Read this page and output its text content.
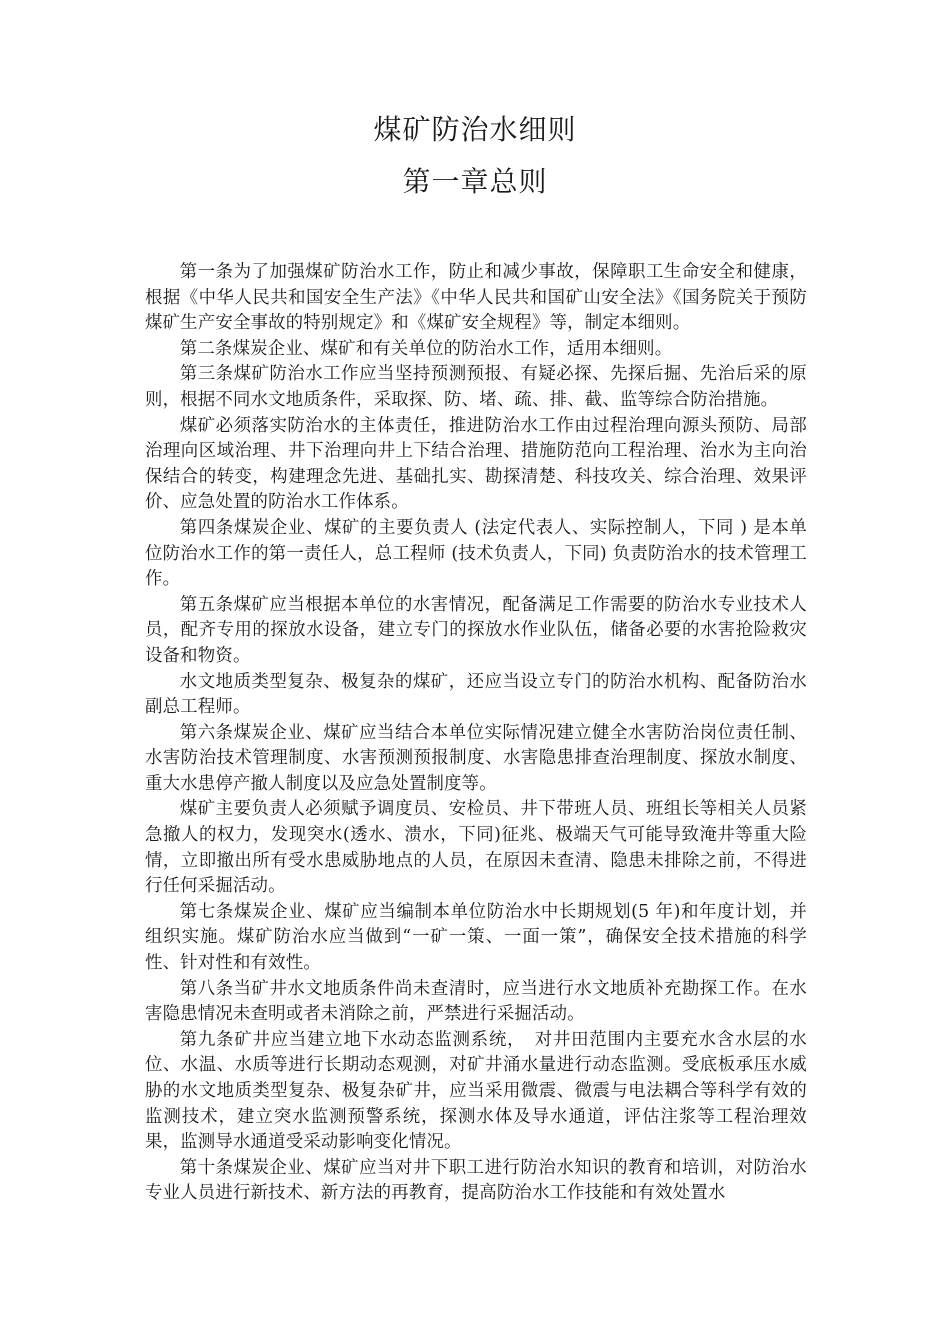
煤矿防治水细则
第一章总则

第一条为了加强煤矿防治水工作，防止和减少事故，保障职工生命安全和健康，根据《中华人民共和国安全生产法》《中华人民共和国矿山安全法》《国务院关于预防煤矿生产安全事故的特别规定》和《煤矿安全规程》等，制定本细则。

第二条煤炭企业、煤矿和有关单位的防治水工作，适用本细则。

第三条煤矿防治水工作应当坚持预测预报、有疑必探、先探后掘、先治后采的原则，根据不同水文地质条件，采取探、防、堵、疏、排、截、监等综合防治措施。

煤矿必须落实防治水的主体责任，推进防治水工作由过程治理向源头预防、局部治理向区域治理、井下治理向井上下结合治理、措施防范向工程治理、治水为主向治保结合的转变，构建理念先进、基础扎实、勘探清楚、科技攻关、综合治理、效果评价、应急处置的防治水工作体系。

第四条煤炭企业、煤矿的主要负责人 (法定代表人、实际控制人，下同 ) 是本单位防治水工作的第一责任人，总工程师 (技术负责人，下同) 负责防治水的技术管理工作。

第五条煤矿应当根据本单位的水害情况，配备满足工作需要的防治水专业技术人员，配齐专用的探放水设备，建立专门的探放水作业队伍，储备必要的水害抢险救灾设备和物资。

水文地质类型复杂、极复杂的煤矿，还应当设立专门的防治水机构、配备防治水副总工程师。

第六条煤炭企业、煤矿应当结合本单位实际情况建立健全水害防治岗位责任制、水害防治技术管理制度、水害预测预报制度、水害隐患排查治理制度、探放水制度、重大水患停产撤人制度以及应急处置制度等。

煤矿主要负责人必须赋予调度员、安检员、井下带班人员、班组长等相关人员紧急撤人的权力，发现突水(透水、溃水，下同)征兆、极端天气可能导致淹井等重大险情，立即撤出所有受水患威胁地点的人员，在原因未查清、隐患未排除之前，不得进行任何采掘活动。

第七条煤炭企业、煤矿应当编制本单位防治水中长期规划(5 年)和年度计划，并组织实施。煤矿防治水应当做到“一矿一策、一面一策”，确保安全技术措施的科学性、针对性和有效性。

第八条当矿井水文地质条件尚未查清时，应当进行水文地质补充勘探工作。在水害隐患情况未查明或者未消除之前，严禁进行采掘活动。

第九条矿井应当建立地下水动态监测系统，　对井田范围内主要充水含水层的水位、水温、水质等进行长期动态观测，对矿井涌水量进行动态监测。受底板承压水威胁的水文地质类型复杂、极复杂矿井，应当采用微震、微震与电法耦合等科学有效的监测技术，建立突水监测预警系统，探测水体及导水通道，评估注浆等工程治理效果，监测导水通道受采动影响变化情况。

第十条煤炭企业、煤矿应当对井下职工进行防治水知识的教育和培训，对防治水专业人员进行新技术、新方法的再教育，提高防治水工作技能和有效处置水
